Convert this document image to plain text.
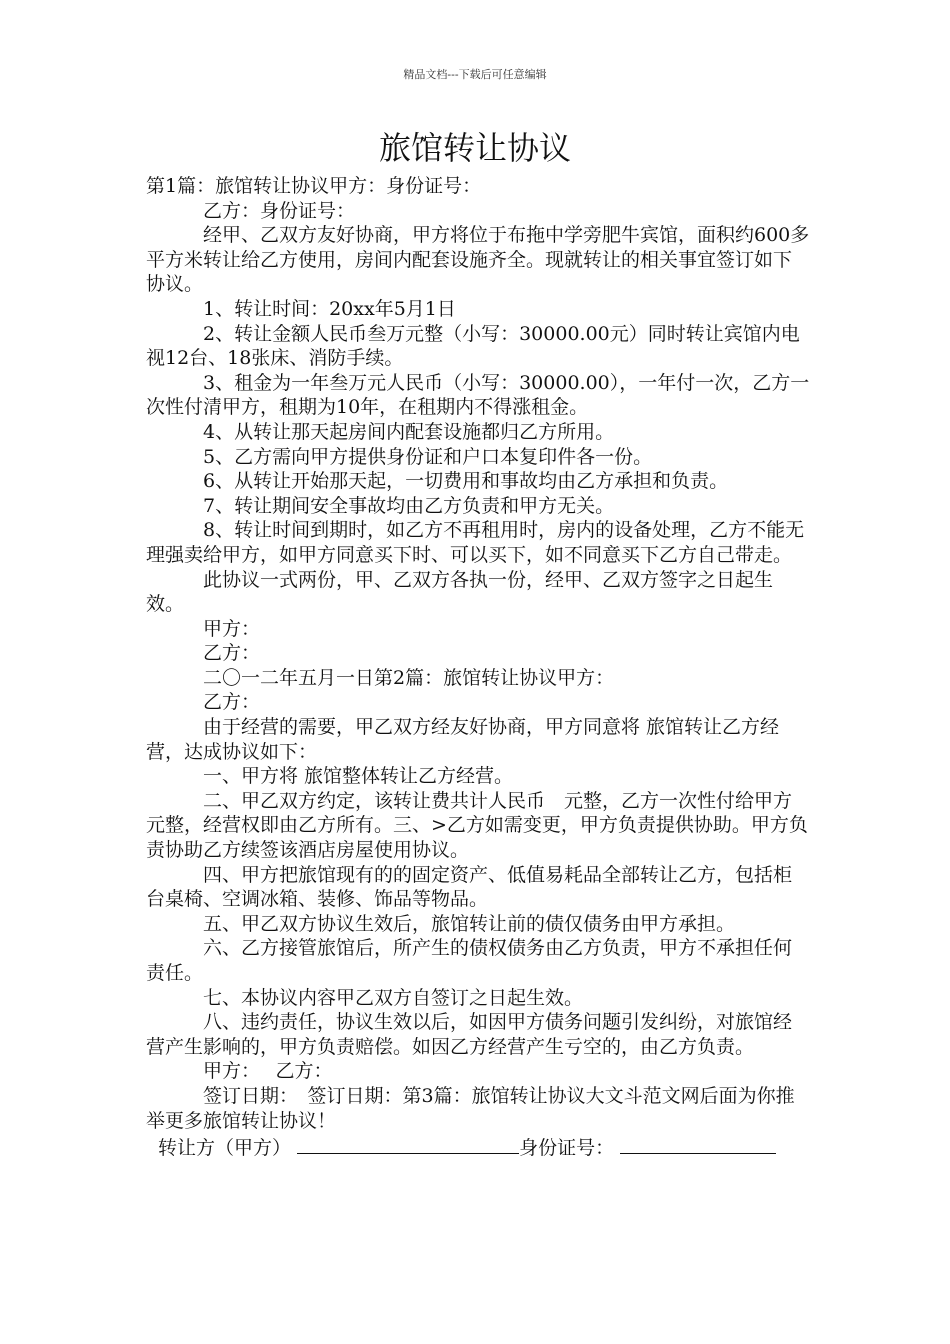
精品文档---下载后可任意编辑
旅馆转让协议

第1篇：旅馆转让协议甲方：身份证号：

乙方：身份证号：

经甲、乙双方友好协商，甲方将位于布拖中学旁肥牛宾馆，面积约600多平方米转让给乙方使用，房间内配套设施齐全。现就转让的相关事宜签订如下协议。

1、转让时间：20xx年5月1日

2、转让金额人民币叁万元整（小写：30000.00元）同时转让宾馆内电视12台、18张床、消防手续。

3、租金为一年叁万元人民币（小写：30000.00），一年付一次，乙方一次性付清甲方，租期为10年，在租期内不得涨租金。

4、从转让那天起房间内配套设施都归乙方所用。

5、乙方需向甲方提供身份证和户口本复印件各一份。

6、从转让开始那天起，一切费用和事故均由乙方承担和负责。

7、转让期间安全事故均由乙方负责和甲方无关。

8、转让时间到期时，如乙方不再租用时，房内的设备处理，乙方不能无理强卖给甲方，如甲方同意买下时、可以买下，如不同意买下乙方自己带走。

此协议一式两份，甲、乙双方各执一份，经甲、乙双方签字之日起生效。

甲方：

乙方：

二〇一二年五月一日第2篇：旅馆转让协议甲方：

乙方：

由于经营的需要，甲乙双方经友好协商，甲方同意将 旅馆转让乙方经营，达成协议如下：

一、甲方将 旅馆整体转让乙方经营。

二、甲乙双方约定，该转让费共计人民币　元整，乙方一次性付给甲方 元整，经营权即由乙方所有。三、>乙方如需变更，甲方负责提供协助。甲方负责协助乙方续签该酒店房屋使用协议。

四、甲方把旅馆现有的的固定资产、低值易耗品全部转让乙方，包括柜台桌椅、空调冰箱、装修、饰品等物品。

五、甲乙双方协议生效后，旅馆转让前的债仅债务由甲方承担。

六、乙方接管旅馆后，所产生的债权债务由乙方负责，甲方不承担任何责任。

七、本协议内容甲乙双方自签订之日起生效。

八、违约责任，协议生效以后，如因甲方债务问题引发纠纷，对旅馆经营产生影响的，甲方负责赔偿。如因乙方经营产生亏空的，由乙方负责。

甲方：　 乙方：

签订日期：　签订日期：第3篇：旅馆转让协议大文斗范文网后面为你推举更多旅馆转让协议！

转让方（甲方）	身份证号：
